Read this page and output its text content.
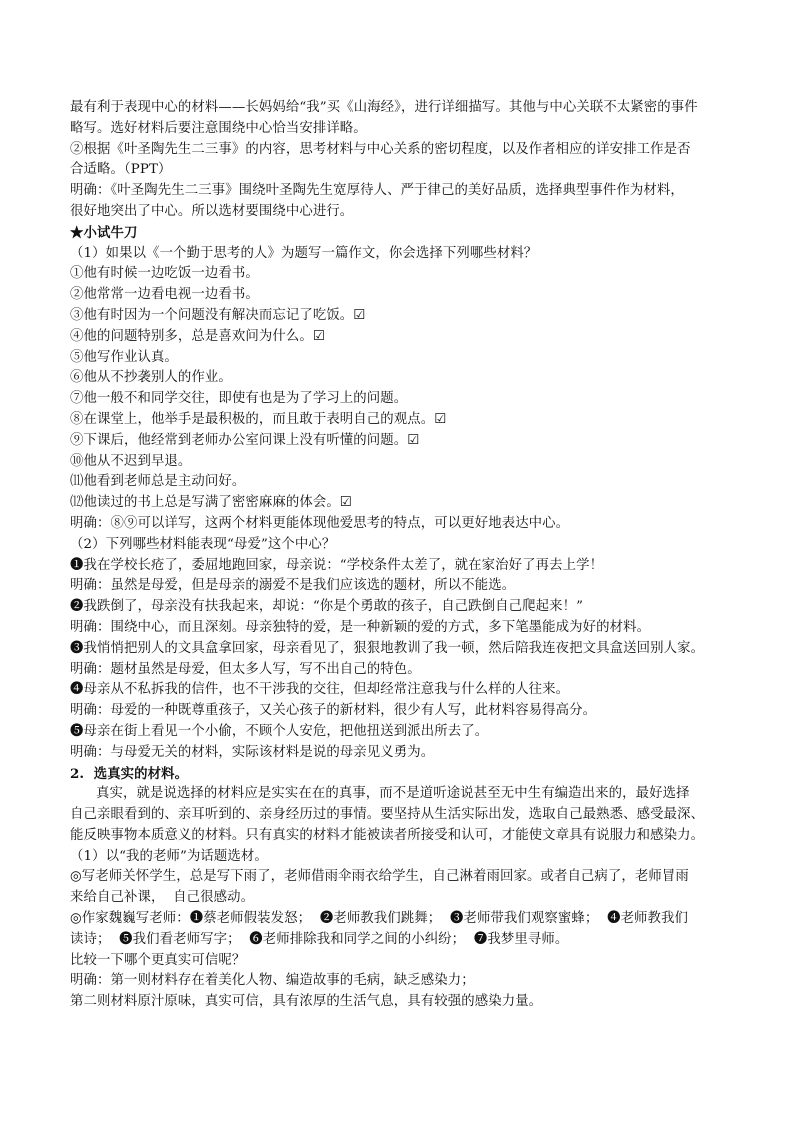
最有利于表现中心的材料——长妈妈给“我”买《山海经》，进行详细描写。其他与中心关联不太紧密的事件
略写。选好材料后要注意围绕中心恰当安排详略。
②根据《叶圣陶先生二三事》的内容，思考材料与中心关系的密切程度，以及作者相应的详安排工作是否
合适略。（PPT）
明确：《叶圣陶先生二三事》围绕叶圣陶先生宽厚待人、严于律己的美好品质，选择典型事件作为材料，
很好地突出了中心。所以选材要围绕中心进行。
★小试牛刀
（1）如果以《一个勤于思考的人》为题写一篇作文，你会选择下列哪些材料？
①他有时候一边吃饭一边看书。
②他常常一边看电视一边看书。
③他有时因为一个问题没有解决而忘记了吃饭。☑
④他的问题特别多，总是喜欢问为什么。☑
⑤他写作业认真。
⑥他从不抄袭别人的作业。
⑦他一般不和同学交往，即使有也是为了学习上的问题。
⑧在课堂上，他举手是最积极的，而且敢于表明自己的观点。☑
⑨下课后，他经常到老师办公室问课上没有听懂的问题。☑
⑩他从不迟到早退。
⑾他看到老师总是主动问好。
⑿他读过的书上总是写满了密密麻麻的体会。☑
明确：⑧⑨可以详写，这两个材料更能体现他爱思考的特点，可以更好地表达中心。
（2）下列哪些材料能表现“母爱”这个中心？
❶我在学校长疮了，委屈地跑回家，母亲说：“学校条件太差了，就在家治好了再去上学！
明确：虽然是母爱，但是母亲的溺爱不是我们应该选的题材，所以不能选。
❷我跌倒了，母亲没有扶我起来，却说：“你是个勇敢的孩子，自己跌倒自己爬起来！”
明确：围绕中心，而且深刻。母亲独特的爱，是一种新颖的爱的方式，多下笔墨能成为好的材料。
❸我悄悄把别人的文具盒拿回家，母亲看见了，狠狠地教训了我一顿，然后陪我连夜把文具盒送回别人家。
明确：题材虽然是母爱，但太多人写，写不出自己的特色。
❹母亲从不私拆我的信件，也不干涉我的交往，但却经常注意我与什么样的人往来。
明确：母爱的一种既尊重孩子，又关心孩子的新材料，很少有人写，此材料容易得高分。
❺母亲在街上看见一个小偷，不顾个人安危，把他扭送到派出所去了。
明确：与母爱无关的材料，实际该材料是说的母亲见义勇为。
2.  选真实的材料。
真实，就是说选择的材料应是实实在在的真事，而不是道听途说甚至无中生有编造出来的，最好选择
自己亲眼看到的、亲耳听到的、亲身经历过的事情。要坚持从生活实际出发，选取自己最熟悉、感受最深、
能反映事物本质意义的材料。只有真实的材料才能被读者所接受和认可，才能使文章具有说服力和感染力。
（1）以“我的老师”为话题选材。
◎写老师关怀学生，总是写下雨了，老师借雨伞雨衣给学生，自己淋着雨回家。或者自己病了，老师冒雨
来给自己补课，  自己很感动。
◎作家魏巍写老师：❶蔡老师假装发怒；  ❷老师教我们跳舞；  ❸老师带我们观察蜜蜂；  ❹老师教我们
读诗；  ❺我们看老师写字；  ❻老师排除我和同学之间的小纠纷；  ❼我梦里寻师。
比较一下哪个更真实可信呢？
明确：第一则材料存在着美化人物、编造故事的毛病，缺乏感染力；
第二则材料原汁原味，真实可信，具有浓厚的生活气息，具有较强的感染力量。
